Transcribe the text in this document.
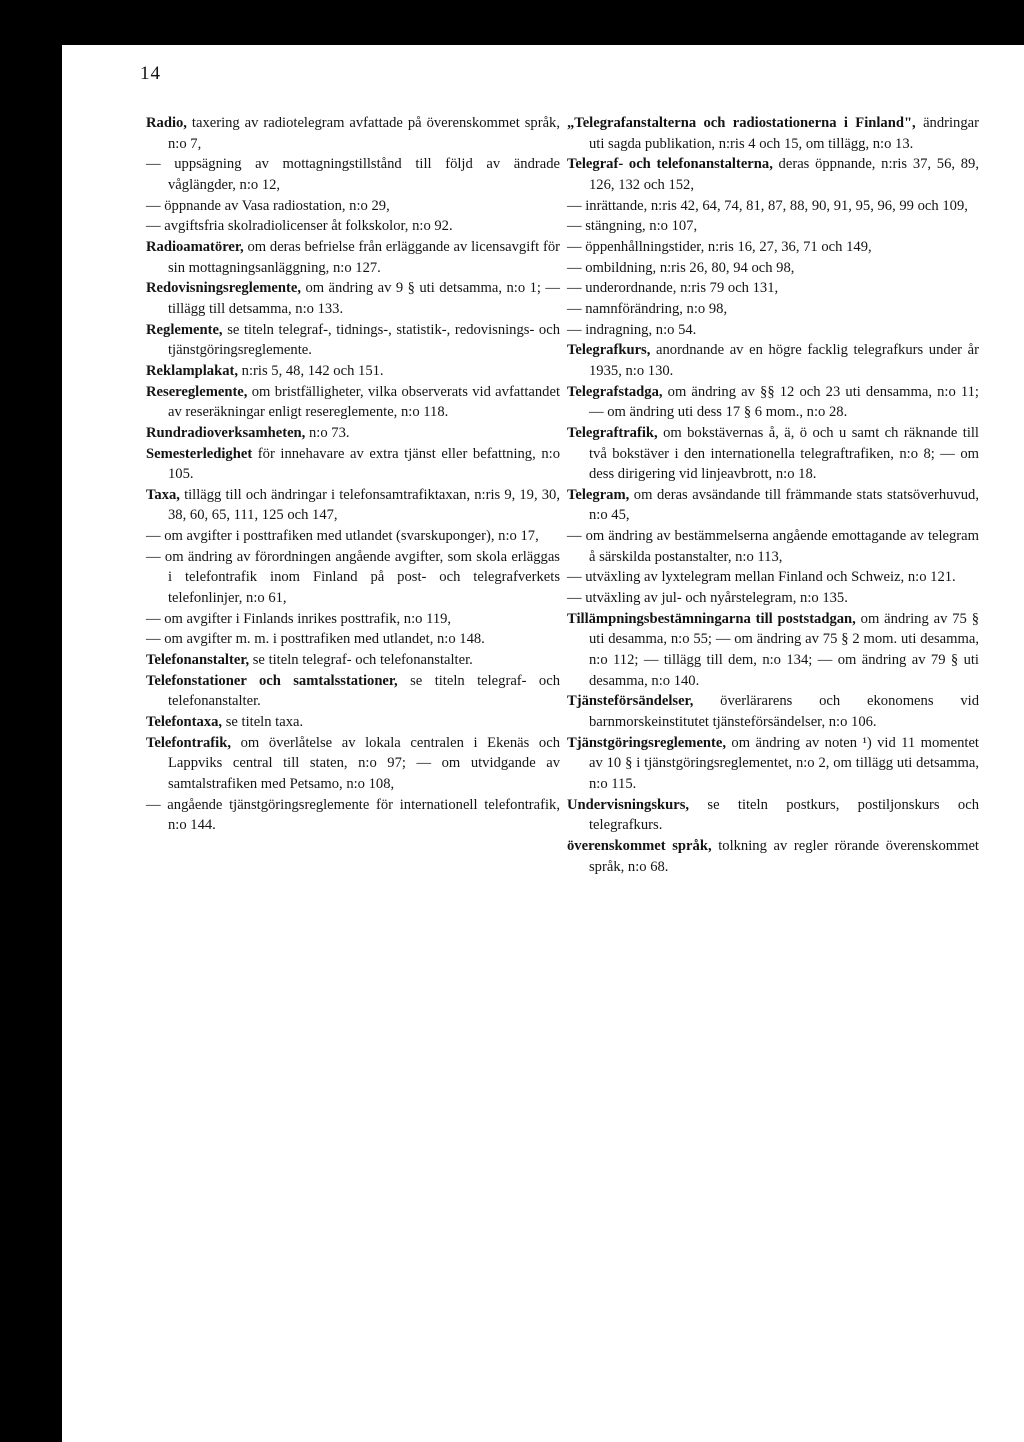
14

Radio, taxering av radiotelegram avfattade på överenskommet språk, n:o 7,

— uppsägning av mottagningstillstånd till följd av ändrade våglängder, n:o 12,

— öppnande av Vasa radiostation, n:o 29,

— avgiftsfria skolradiolicenser åt folkskolor, n:o 92.

Radioamatörer, om deras befrielse från erläggande av licensavgift för sin mottagningsanläggning, n:o 127.

Redovisningsreglemente, om ändring av 9 § uti detsamma, n:o 1; — tillägg till detsamma, n:o 133.

Reglemente, se titeln telegraf-, tidnings-, statistik-, redovisnings- och tjänstgöringsreglemente.

Reklamplakat, n:ris 5, 48, 142 och 151.

Resereglemente, om bristfälligheter, vilka observerats vid avfattandet av reseräkningar enligt resereglemente, n:o 118.

Rundradioverksamheten, n:o 73.

Semesterledighet för innehavare av extra tjänst eller befattning, n:o 105.

Taxa, tillägg till och ändringar i telefonsamtrafiktaxan, n:ris 9, 19, 30, 38, 60, 65, 111, 125 och 147,

— om avgifter i posttrafiken med utlandet (svarskuponger), n:o 17,

— om ändring av förordningen angående avgifter, som skola erläggas i telefontrafik inom Finland på post- och telegrafverkets telefonlinjer, n:o 61,

— om avgifter i Finlands inrikes posttrafik, n:o 119,

— om avgifter m. m. i posttrafiken med utlandet, n:o 148.

Telefonanstalter, se titeln telegraf- och telefonanstalter.

Telefonstationer och samtalsstationer, se titeln telegraf- och telefonanstalter.

Telefontaxa, se titeln taxa.

Telefontrafik, om överlåtelse av lokala centralen i Ekenäs och Lappviks central till staten, n:o 97; — om utvidgande av samtalstrafiken med Petsamo, n:o 108,

— angående tjänstgöringsreglemente för internationell telefontrafik, n:o 144.

„Telegrafanstalterna och radiostationerna i Finland", ändringar uti sagda publikation, n:ris 4 och 15, om tillägg, n:o 13.

Telegraf- och telefonanstalterna, deras öppnande, n:ris 37, 56, 89, 126, 132 och 152,

— inrättande, n:ris 42, 64, 74, 81, 87, 88, 90, 91, 95, 96, 99 och 109,

— stängning, n:o 107,

— öppenhållningstider, n:ris 16, 27, 36, 71 och 149,

— ombildning, n:ris 26, 80, 94 och 98,

— underordnande, n:ris 79 och 131,

— namnförändring, n:o 98,

— indragning, n:o 54.

Telegrafkurs, anordnande av en högre facklig telegrafkurs under år 1935, n:o 130.

Telegrafstadga, om ändring av §§ 12 och 23 uti densamma, n:o 11; — om ändring uti dess 17 § 6 mom., n:o 28.

Telegraftrafik, om bokstävernas å, ä, ö och u samt ch räknande till två bokstäver i den internationella telegraftrafiken, n:o 8; — om dess dirigering vid linjeavbrott, n:o 18.

Telegram, om deras avsändande till främmande stats statsöverhuvud, n:o 45,

— om ändring av bestämmelserna angående emottagande av telegram å särskilda postanstalter, n:o 113,

— utväxling av lyxtelegram mellan Finland och Schweiz, n:o 121.

— utväxling av jul- och nyårstelegram, n:o 135.

Tillämpningsbestämningarna till poststadgan, om ändring av 75 § uti desamma, n:o 55; — om ändring av 75 § 2 mom. uti desamma, n:o 112; — tillägg till dem, n:o 134; — om ändring av 79 § uti desamma, n:o 140.

Tjänsteförsändelser, överlärarens och ekonomens vid barnmorskeinstitutet tjänsteförsändelser, n:o 106.

Tjänstgöringsreglemente, om ändring av noten ¹) vid 11 momentet av 10 § i tjänstgöringsreglementet, n:o 2, om tillägg uti detsamma, n:o 115.

Undervisningskurs, se titeln postkurs, postiljonskurs och telegrafkurs.

överenskommet språk, tolkning av regler rörande överenskommet språk, n:o 68.
